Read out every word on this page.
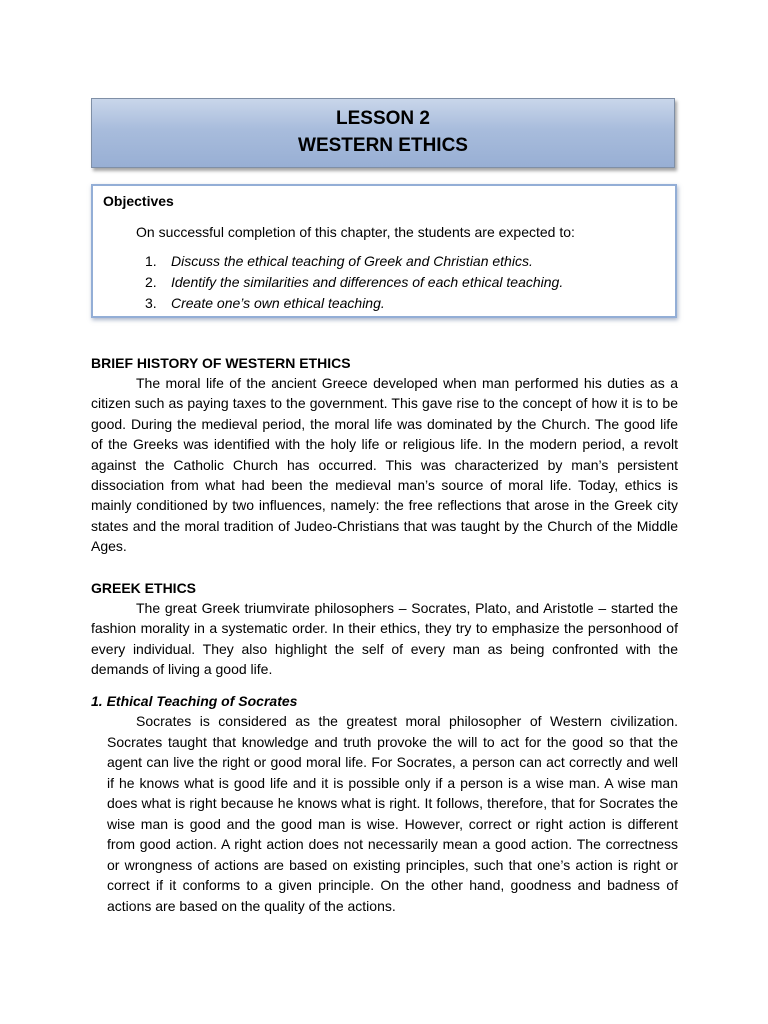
LESSON 2
WESTERN ETHICS
Objectives
On successful completion of this chapter, the students are expected to:
1. Discuss the ethical teaching of Greek and Christian ethics.
2. Identify the similarities and differences of each ethical teaching.
3. Create one’s own ethical teaching.

BRIEF HISTORY OF WESTERN ETHICS

The moral life of the ancient Greece developed when man performed his duties as a citizen such as paying taxes to the government. This gave rise to the concept of how it is to be good. During the medieval period, the moral life was dominated by the Church. The good life of the Greeks was identified with the holy life or religious life. In the modern period, a revolt against the Catholic Church has occurred. This was characterized by man’s persistent dissociation from what had been the medieval man’s source of moral life. Today, ethics is mainly conditioned by two influences, namely: the free reflections that arose in the Greek city states and the moral tradition of Judeo-Christians that was taught by the Church of the Middle Ages.

GREEK ETHICS

The great Greek triumvirate philosophers – Socrates, Plato, and Aristotle – started the fashion morality in a systematic order. In their ethics, they try to emphasize the personhood of every individual. They also highlight the self of every man as being confronted with the demands of living a good life.

1. Ethical Teaching of Socrates

Socrates is considered as the greatest moral philosopher of Western civilization. Socrates taught that knowledge and truth provoke the will to act for the good so that the agent can live the right or good moral life. For Socrates, a person can act correctly and well if he knows what is good life and it is possible only if a person is a wise man. A wise man does what is right because he knows what is right. It follows, therefore, that for Socrates the wise man is good and the good man is wise. However, correct or right action is different from good action. A right action does not necessarily mean a good action. The correctness or wrongness of actions are based on existing principles, such that one’s action is right or correct if it conforms to a given principle. On the other hand, goodness and badness of actions are based on the quality of the actions.
